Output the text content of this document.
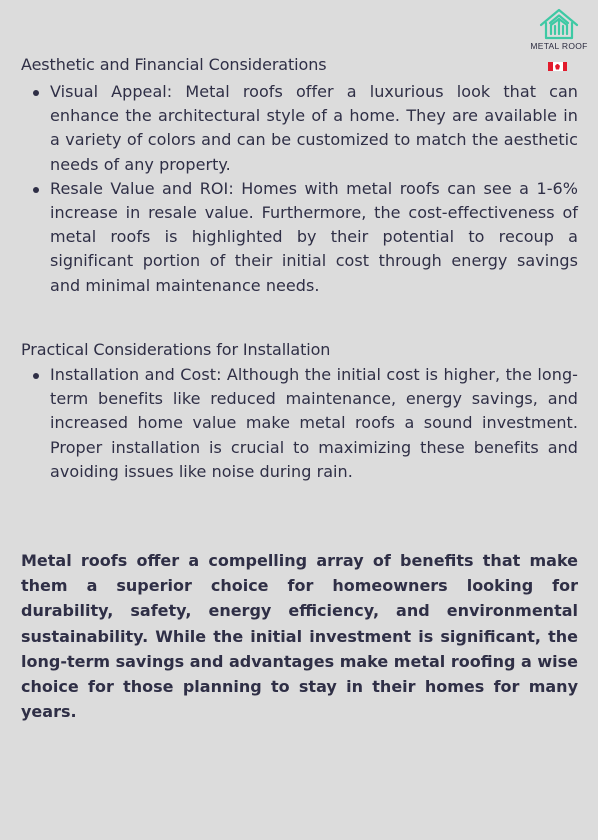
METAL ROOF
Aesthetic and Financial Considerations
Visual Appeal: Metal roofs offer a luxurious look that can enhance the architectural style of a home. They are available in a variety of colors and can be customized to match the aesthetic needs of any property.
Resale Value and ROI: Homes with metal roofs can see a 1-6% increase in resale value. Furthermore, the cost-effectiveness of metal roofs is highlighted by their potential to recoup a significant portion of their initial cost through energy savings and minimal maintenance needs.
Practical Considerations for Installation
Installation and Cost: Although the initial cost is higher, the long-term benefits like reduced maintenance, energy savings, and increased home value make metal roofs a sound investment. Proper installation is crucial to maximizing these benefits and avoiding issues like noise during rain.

Metal roofs offer a compelling array of benefits that make them a superior choice for homeowners looking for durability, safety, energy efficiency, and environmental sustainability. While the initial investment is significant, the long-term savings and advantages make metal roofing a wise choice for those planning to stay in their homes for many years.
